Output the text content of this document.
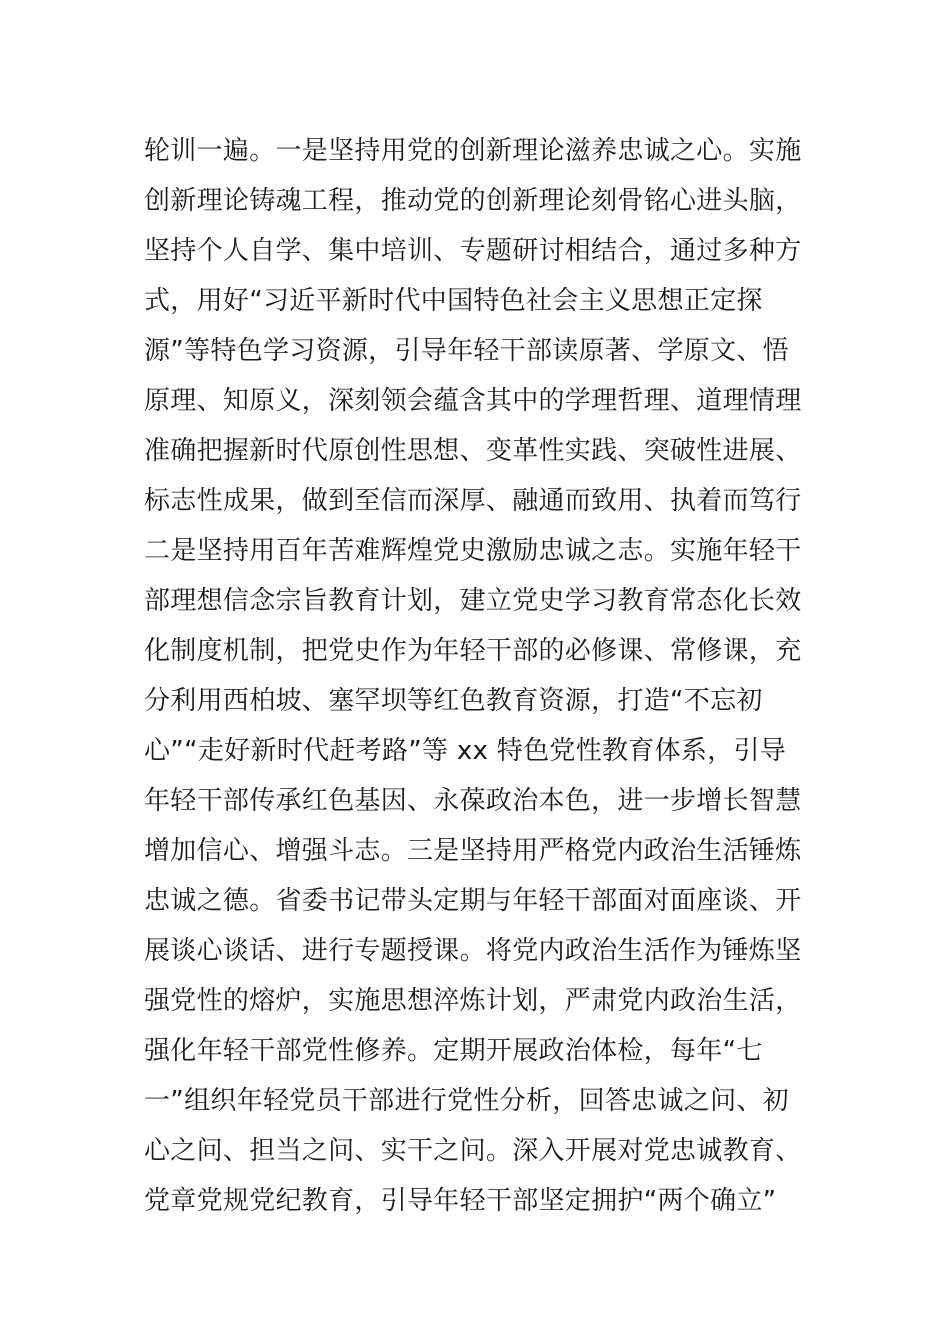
轮训一遍。一是坚持用党的创新理论滋养忠诚之心。实施
创新理论铸魂工程，推动党的创新理论刻骨铭心进头脑，
坚持个人自学、集中培训、专题研讨相结合，通过多种方
式，用好“习近平新时代中国特色社会主义思想正定探
源”等特色学习资源，引导年轻干部读原著、学原文、悟
原理、知原义，深刻领会蕴含其中的学理哲理、道理情理
准确把握新时代原创性思想、变革性实践、突破性进展、
标志性成果，做到至信而深厚、融通而致用、执着而笃行
二是坚持用百年苦难辉煌党史激励忠诚之志。实施年轻干
部理想信念宗旨教育计划，建立党史学习教育常态化长效
化制度机制，把党史作为年轻干部的必修课、常修课，充
分利用西柏坡、塞罕坝等红色教育资源，打造“不忘初
心”“走好新时代赶考路”等 xx 特色党性教育体系，引导
年轻干部传承红色基因、永葆政治本色，进一步增长智慧
增加信心、增强斗志。三是坚持用严格党内政治生活锤炼
忠诚之德。省委书记带头定期与年轻干部面对面座谈、开
展谈心谈话、进行专题授课。将党内政治生活作为锤炼坚
强党性的熔炉，实施思想淬炼计划，严肃党内政治生活，
强化年轻干部党性修养。定期开展政治体检，每年“七
一”组织年轻党员干部进行党性分析，回答忠诚之问、初
心之问、担当之问、实干之问。深入开展对党忠诚教育、
党章党规党纪教育，引导年轻干部坚定拥护“两个确立”
